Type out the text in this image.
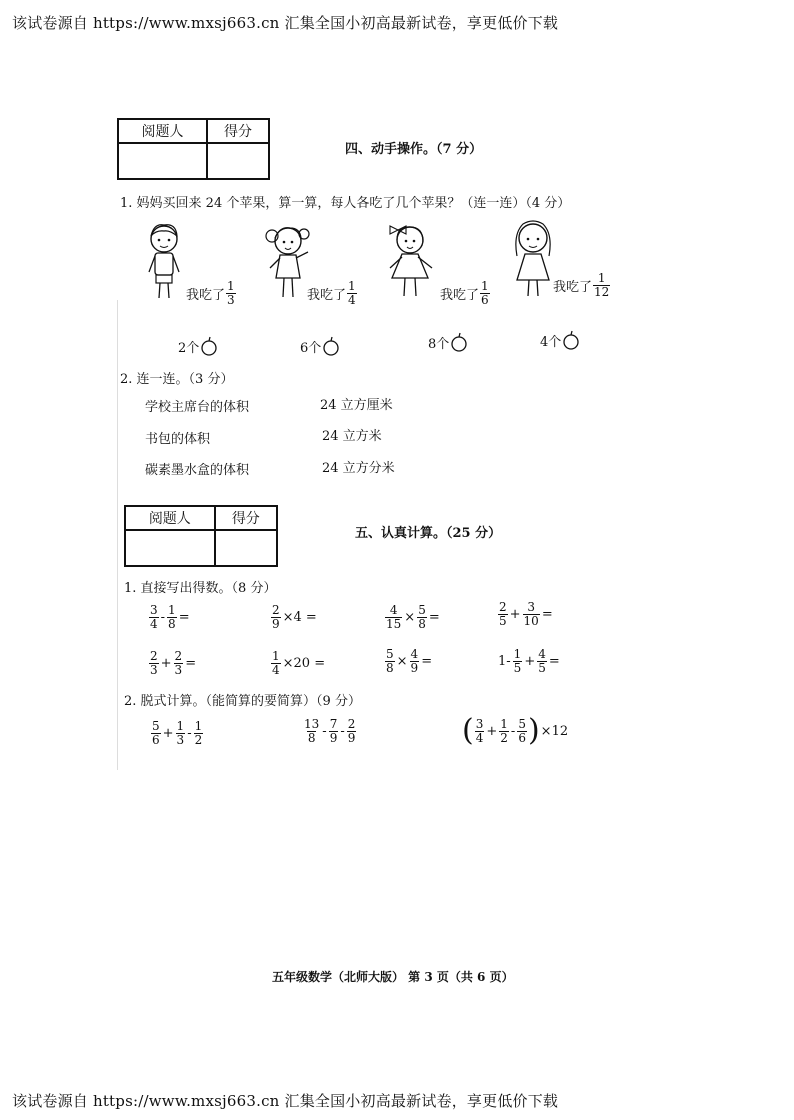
该试卷源自 https://www.mxsj663.cn 汇集全国小初高最新试卷，享更低价下载
阅题人	得分

四、动手操作。（7 分）
1. 妈妈买回来 24 个苹果，算一算，每人各吃了几个苹果？（连一连）（4 分）
我吃了 $\frac{1}{3}$	我吃了 $\frac{1}{4}$	我吃了 $\frac{1}{6}$	我吃了 $\frac{1}{12}$
2个	6个	8个	4个
2. 连一连。（3 分）
学校主席台的体积
书包的体积
碳素墨水盒的体积
24 立方厘米
24 立方米
24 立方分米
阅题人	得分

五、认真计算。（25 分）
1. 直接写出得数。（8 分）
$\frac{3}{4} - \frac{1}{8}$ =	$\frac{2}{9} \times 4$ =	$\frac{4}{15} \times \frac{5}{8}$ =	$\frac{2}{5} + \frac{3}{10}$ =
$\frac{2}{3} + \frac{2}{3}$ =	$\frac{1}{4} \times 20$ =	$\frac{5}{8} \times \frac{4}{9}$ =	$1- \frac{1}{5} + \frac{4}{5}$ =
2. 脱式计算。（能简算的要简算）（9 分）
$\frac{5}{6} + \frac{1}{3} - \frac{1}{2}$	$\frac{13}{8} - \frac{7}{9} - \frac{2}{9}$	( $\frac{3}{4} + \frac{1}{2} - \frac{5}{6}$ ) ×12
五年级数学（北师大版） 第 3 页（共 6 页）
该试卷源自 https://www.mxsj663.cn 汇集全国小初高最新试卷，享更低价下载
